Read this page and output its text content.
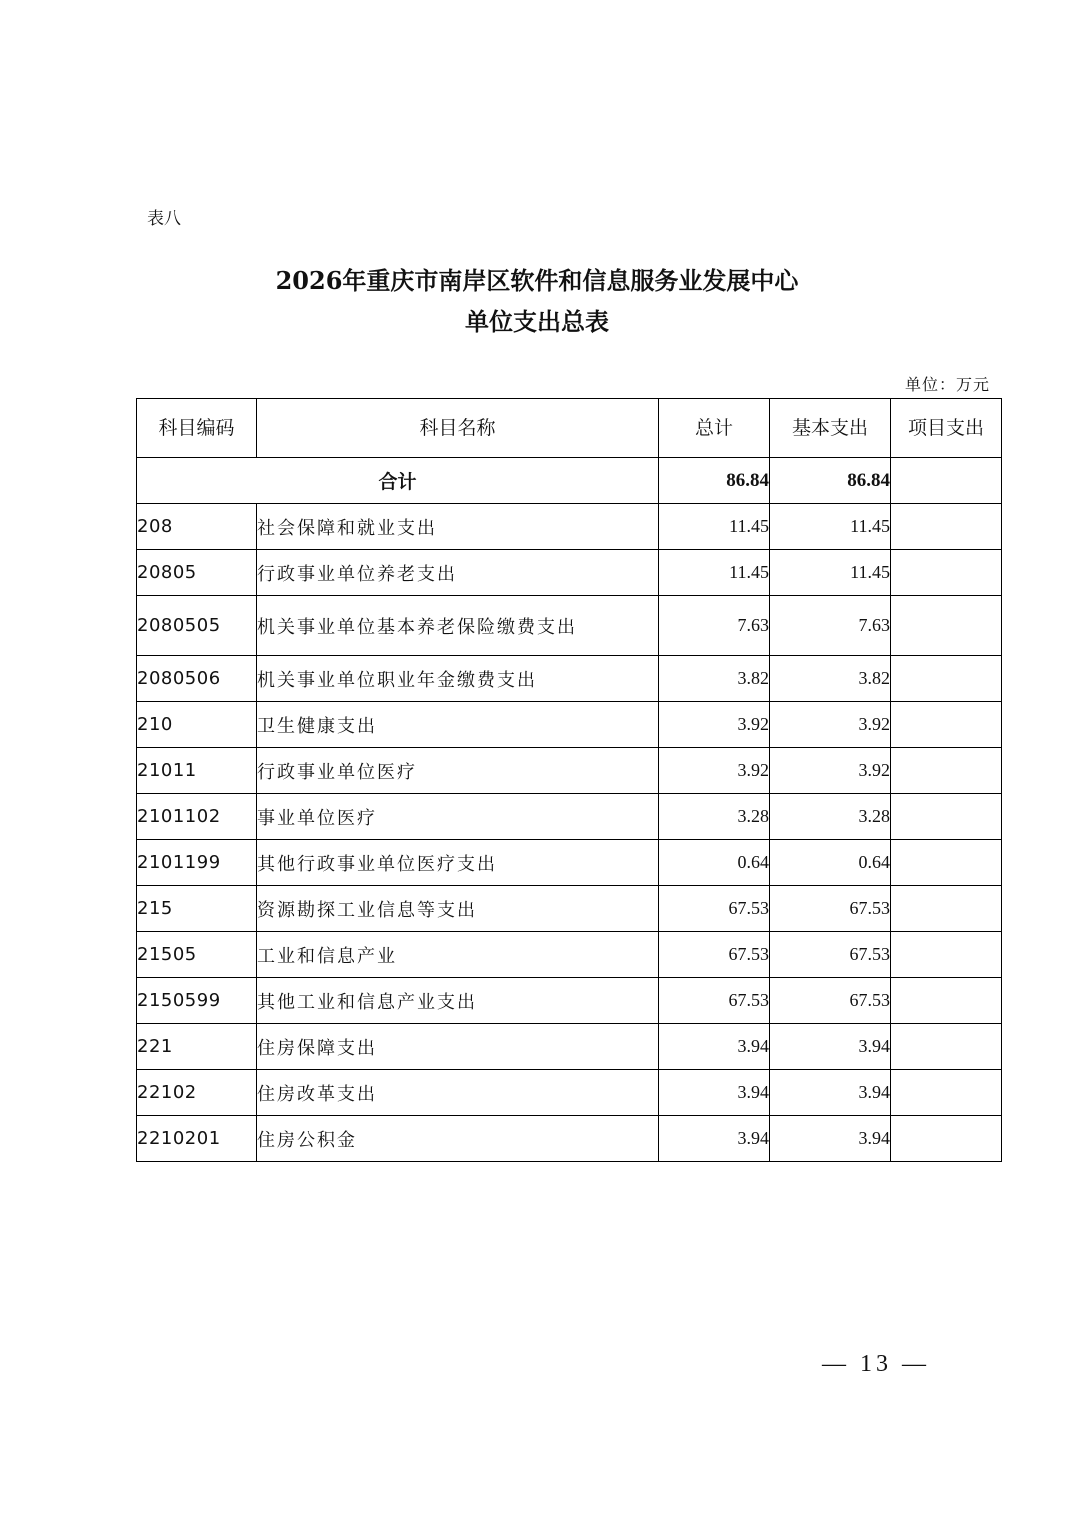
表八
2026年重庆市南岸区软件和信息服务业发展中心
单位支出总表
单位：万元
科目编码	科目名称	总计	基本支出	项目支出
合计		86.84	86.84	
208	社会保障和就业支出	11.45	11.45	
20805	行政事业单位养老支出	11.45	11.45	
2080505	机关事业单位基本养老保险缴费支出	7.63	7.63	
2080506	机关事业单位职业年金缴费支出	3.82	3.82	
210	卫生健康支出	3.92	3.92	
21011	行政事业单位医疗	3.92	3.92	
2101102	事业单位医疗	3.28	3.28	
2101199	其他行政事业单位医疗支出	0.64	0.64	
215	资源勘探工业信息等支出	67.53	67.53	
21505	工业和信息产业	67.53	67.53	
2150599	其他工业和信息产业支出	67.53	67.53	
221	住房保障支出	3.94	3.94	
22102	住房改革支出	3.94	3.94	
2210201	住房公积金	3.94	3.94	
— 13 —
